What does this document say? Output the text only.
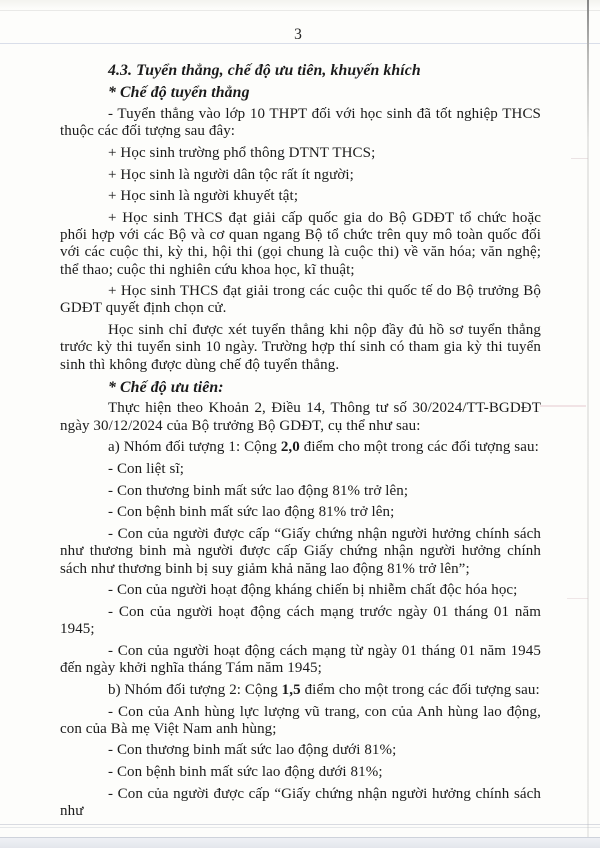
3

4.3. Tuyển thẳng, chế độ ưu tiên, khuyến khích

* Chế độ tuyển thẳng

- Tuyển thẳng vào lớp 10 THPT đối với học sinh đã tốt nghiệp THCS thuộc các đối tượng sau đây:

+ Học sinh trường phổ thông DTNT THCS;

+ Học sinh là người dân tộc rất ít người;

+ Học sinh là người khuyết tật;

+ Học sinh THCS đạt giải cấp quốc gia do Bộ GDĐT tổ chức hoặc phối hợp với các Bộ và cơ quan ngang Bộ tổ chức trên quy mô toàn quốc đối với các cuộc thi, kỳ thi, hội thi (gọi chung là cuộc thi) về văn hóa; văn nghệ; thể thao; cuộc thi nghiên cứu khoa học, kĩ thuật;

+ Học sinh THCS đạt giải trong các cuộc thi quốc tế do Bộ trưởng Bộ GDĐT quyết định chọn cử.

Học sinh chỉ được xét tuyển thẳng khi nộp đầy đủ hồ sơ tuyển thẳng trước kỳ thi tuyển sinh 10 ngày. Trường hợp thí sinh có tham gia kỳ thi tuyển sinh thì không được dùng chế độ tuyển thẳng.

* Chế độ ưu tiên:

Thực hiện theo Khoản 2, Điều 14, Thông tư số 30/2024/TT-BGDĐT ngày 30/12/2024 của Bộ trưởng Bộ GDĐT, cụ thể như sau:

a) Nhóm đối tượng 1: Cộng 2,0 điểm cho một trong các đối tượng sau:

- Con liệt sĩ;

- Con thương binh mất sức lao động 81% trở lên;

- Con bệnh binh mất sức lao động 81% trở lên;

- Con của người được cấp “Giấy chứng nhận người hưởng chính sách như thương binh mà người được cấp Giấy chứng nhận người hưởng chính sách như thương binh bị suy giảm khả năng lao động 81% trở lên”;

- Con của người hoạt động kháng chiến bị nhiễm chất độc hóa học;

- Con của người hoạt động cách mạng trước ngày 01 tháng 01 năm 1945;

- Con của người hoạt động cách mạng từ ngày 01 tháng 01 năm 1945 đến ngày khởi nghĩa tháng Tám năm 1945;

b) Nhóm đối tượng 2: Cộng 1,5 điểm cho một trong các đối tượng sau:

- Con của Anh hùng lực lượng vũ trang, con của Anh hùng lao động, con của Bà mẹ Việt Nam anh hùng;

- Con thương binh mất sức lao động dưới 81%;

- Con bệnh binh mất sức lao động dưới 81%;

- Con của người được cấp “Giấy chứng nhận người hưởng chính sách như
